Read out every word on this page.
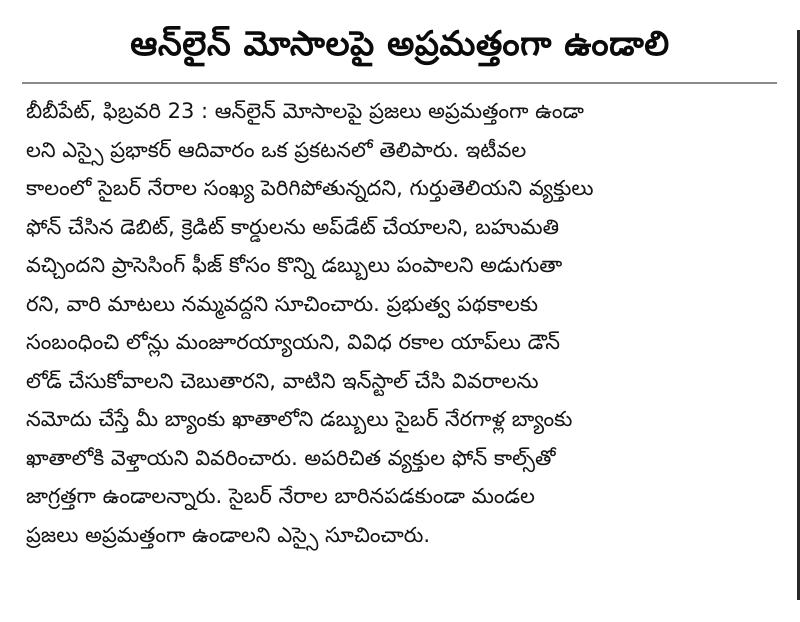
ఆన్‌లైన్ మోసాలపై అప్రమత్తంగా ఉండాలి
బీబీపేట్, ఫిబ్రవరి 23 : ఆన్‌లైన్ మోసాలపై ప్రజలు అప్రమత్తంగా ఉండా
లని ఎస్సై ప్రభాకర్ ఆదివారం ఒక ప్రకటనలో తెలిపారు. ఇటీవల
కాలంలో సైబర్ నేరాల సంఖ్య పెరిగిపోతున్నదని, గుర్తుతెలియని వ్యక్తులు
ఫోన్ చేసిన డెబిట్, క్రెడిట్ కార్డులను అప్‌డేట్ చేయాలని, బహుమతి
వచ్చిందని ప్రాసెసింగ్ ఫీజ్ కోసం కొన్ని డబ్బులు పంపాలని అడుగుతా
రని, వారి మాటలు నమ్మవద్దని సూచించారు. ప్రభుత్వ పథకాలకు
సంబంధించి లోన్లు మంజూరయ్యాయని, వివిధ రకాల యాప్‌లు డౌన్
లోడ్ చేసుకోవాలని చెబుతారని, వాటిని ఇన్‌స్టాల్ చేసి వివరాలను
నమోదు చేస్తే మీ బ్యాంకు ఖాతాలోని డబ్బులు సైబర్ నేరగాళ్ల బ్యాంకు
ఖాతాలోకి వెళ్తాయని వివరించారు. అపరిచిత వ్యక్తుల ఫోన్ కాల్స్‌తో
జాగ్రత్తగా ఉండాలన్నారు. సైబర్ నేరాల బారినపడకుండా మండల
ప్రజలు అప్రమత్తంగా ఉండాలని ఎస్సై సూచించారు.
